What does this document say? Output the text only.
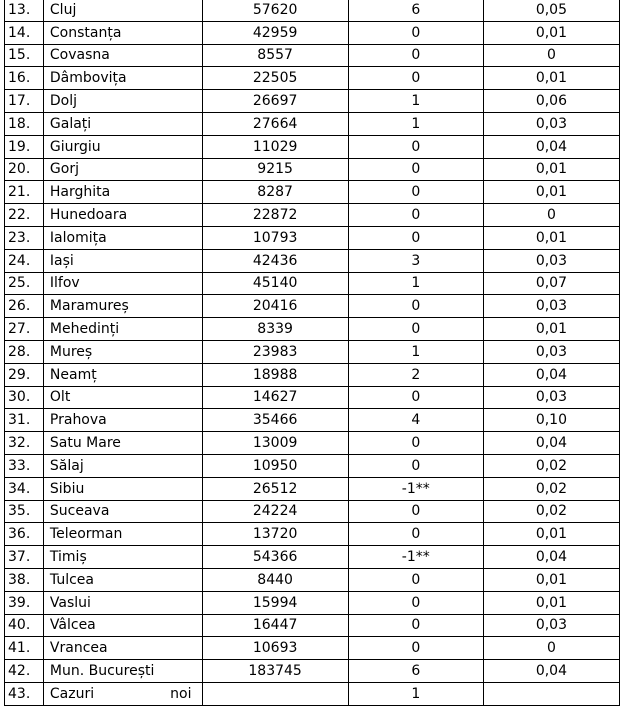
13.	Cluj	57620	6	0,05
14.	Constanța	42959	0	0,01
15.	Covasna	8557	0	0
16.	Dâmbovița	22505	0	0,01
17.	Dolj	26697	1	0,06
18.	Galați	27664	1	0,03
19.	Giurgiu	11029	0	0,04
20.	Gorj	9215	0	0,01
21.	Harghita	8287	0	0,01
22.	Hunedoara	22872	0	0
23.	Ialomița	10793	0	0,01
24.	Iași	42436	3	0,03
25.	Ilfov	45140	1	0,07
26.	Maramureș	20416	0	0,03
27.	Mehedinți	8339	0	0,01
28.	Mureș	23983	1	0,03
29.	Neamț	18988	2	0,04
30.	Olt	14627	0	0,03
31.	Prahova	35466	4	0,10
32.	Satu Mare	13009	0	0,04
33.	Sălaj	10950	0	0,02
34.	Sibiu	26512	-1**	0,02
35.	Suceava	24224	0	0,02
36.	Teleorman	13720	0	0,01
37.	Timiș	54366	-1**	0,04
38.	Tulcea	8440	0	0,01
39.	Vaslui	15994	0	0,01
40.	Vâlcea	16447	0	0,03
41.	Vrancea	10693	0	0
42.	Mun. București	183745	6	0,04
43.	Cazuri noi		1	
